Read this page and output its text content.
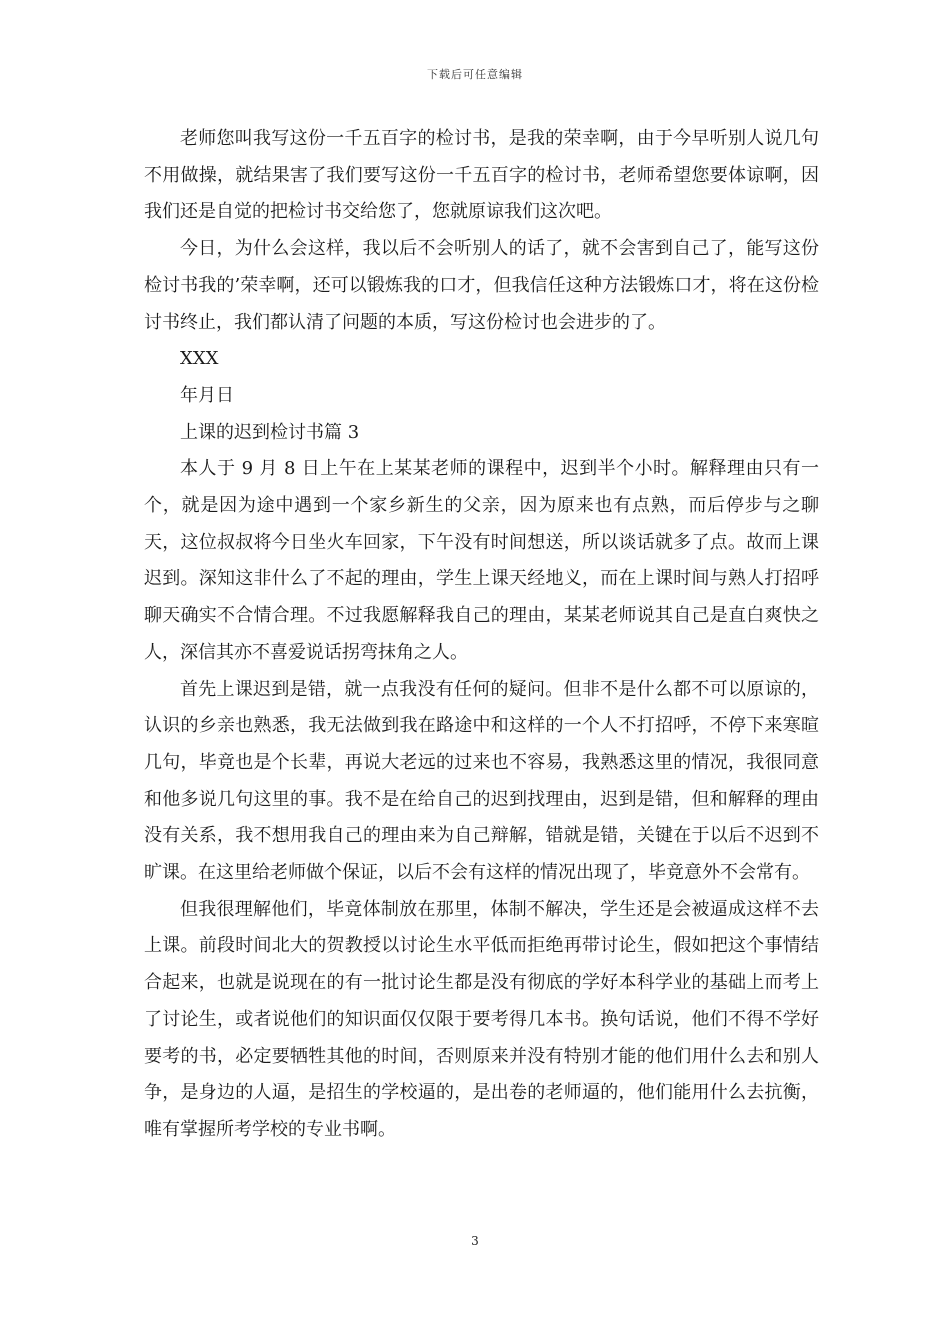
下载后可任意编辑

老师您叫我写这份一千五百字的检讨书，是我的荣幸啊，由于今早听别人说几句不用做操，就结果害了我们要写这份一千五百字的检讨书，老师希望您要体谅啊，因我们还是自觉的把检讨书交给您了，您就原谅我们这次吧。

今日，为什么会这样，我以后不会听别人的话了，就不会害到自己了，能写这份检讨书我的’荣幸啊，还可以锻炼我的口才，但我信任这种方法锻炼口才，将在这份检讨书终止，我们都认清了问题的本质，写这份检讨也会进步的了。

XXX

年月日

上课的迟到检讨书篇 3

本人于 9 月 8 日上午在上某某老师的课程中，迟到半个小时。解释理由只有一个，就是因为途中遇到一个家乡新生的父亲，因为原来也有点熟，而后停步与之聊天，这位叔叔将今日坐火车回家，下午没有时间想送，所以谈话就多了点。故而上课迟到。深知这非什么了不起的理由，学生上课天经地义，而在上课时间与熟人打招呼聊天确实不合情合理。不过我愿解释我自己的理由，某某老师说其自己是直白爽快之人，深信其亦不喜爱说话拐弯抹角之人。

首先上课迟到是错，就一点我没有任何的疑问。但非不是什么都不可以原谅的，认识的乡亲也熟悉，我无法做到我在路途中和这样的一个人不打招呼，不停下来寒暄几句，毕竟也是个长辈，再说大老远的过来也不容易，我熟悉这里的情况，我很同意和他多说几句这里的事。我不是在给自己的迟到找理由，迟到是错，但和解释的理由没有关系，我不想用我自己的理由来为自己辩解，错就是错，关键在于以后不迟到不旷课。在这里给老师做个保证，以后不会有这样的情况出现了，毕竟意外不会常有。

但我很理解他们，毕竟体制放在那里，体制不解决，学生还是会被逼成这样不去上课。前段时间北大的贺教授以讨论生水平低而拒绝再带讨论生，假如把这个事情结合起来，也就是说现在的有一批讨论生都是没有彻底的学好本科学业的基础上而考上了讨论生，或者说他们的知识面仅仅限于要考得几本书。换句话说，他们不得不学好要考的书，必定要牺牲其他的时间，否则原来并没有特别才能的他们用什么去和别人争，是身边的人逼，是招生的学校逼的，是出卷的老师逼的，他们能用什么去抗衡，唯有掌握所考学校的专业书啊。

3
